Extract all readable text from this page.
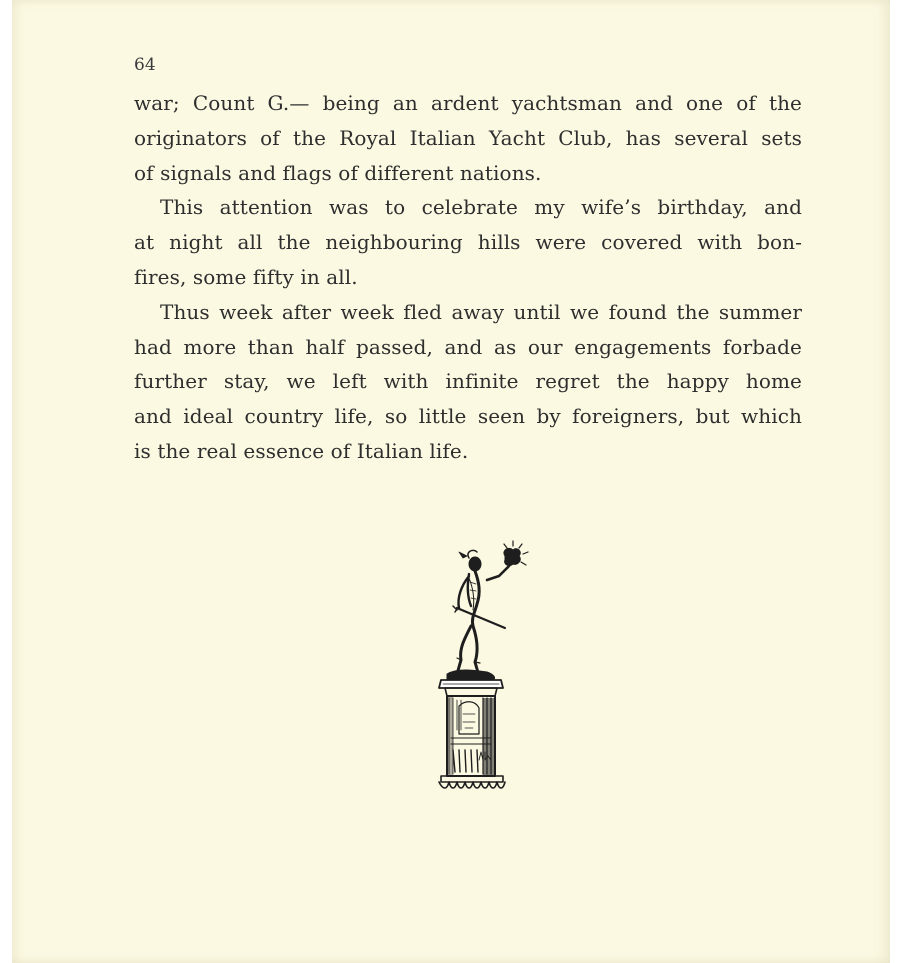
64
war; Count G.— being an ardent yachtsman and one of the
originators of the Royal Italian Yacht Club, has several sets
of signals and flags of different nations.
This attention was to celebrate my wife’s birthday, and
at night all the neighbouring hills were covered with bon-
fires, some fifty in all.
Thus week after week fled away until we found the summer
had more than half passed, and as our engagements forbade
further stay, we left with infinite regret the happy home
and ideal country life, so little seen by foreigners, but which
is the real essence of Italian life.
